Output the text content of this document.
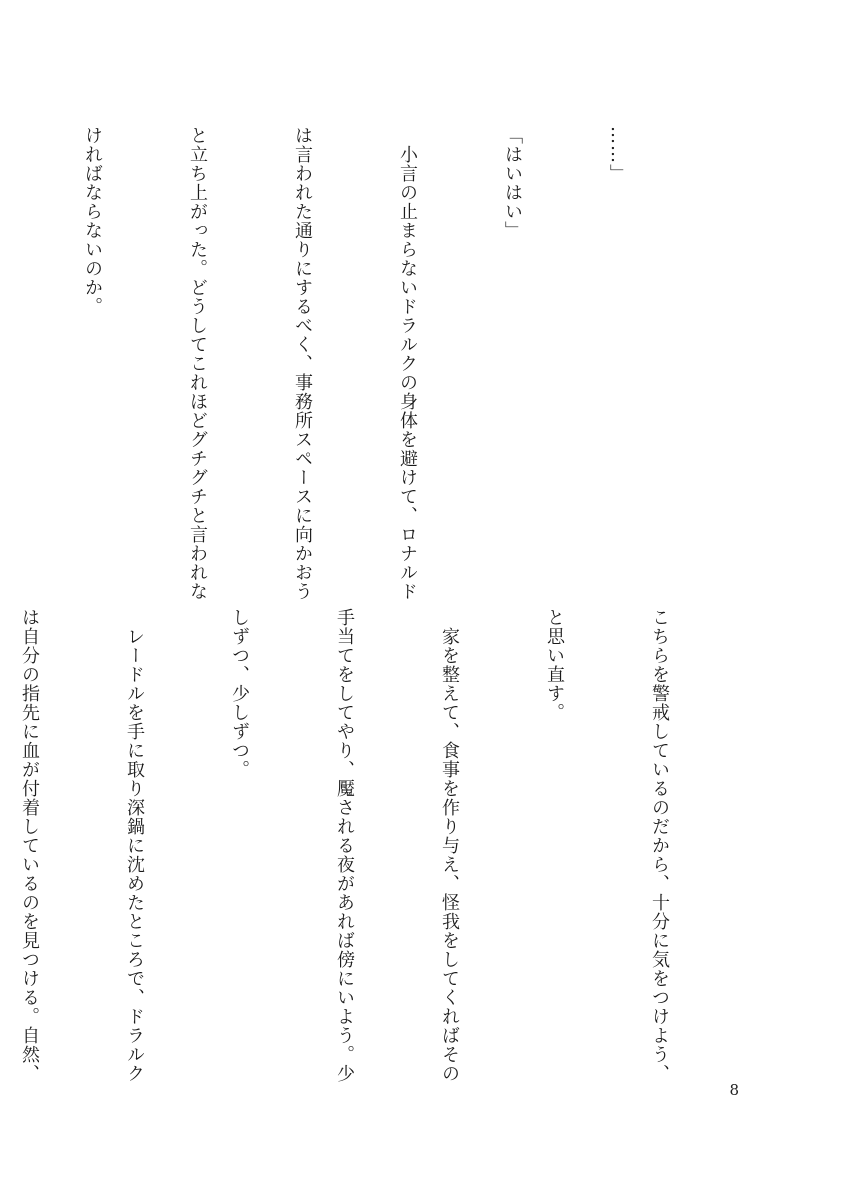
……」

「はいはい」

　小言の止まらないドラルクの身体を避けて、ロナルド

は言われた通りにするべく、事務所スペースに向かおう

と立ち上がった。どうしてこれほどグチグチと言われな

ければならないのか。

こちらを警戒しているのだから、十分に気をつけよう、

と思い直す。

　家を整えて、食事を作り与え、怪我をしてくればその

手当てをしてやり、魘される夜があれば傍にいよう。少

しずつ、少しずつ。

　レードルを手に取り深鍋に沈めたところで、ドラルク

は自分の指先に血が付着しているのを見つける。自然、

8
